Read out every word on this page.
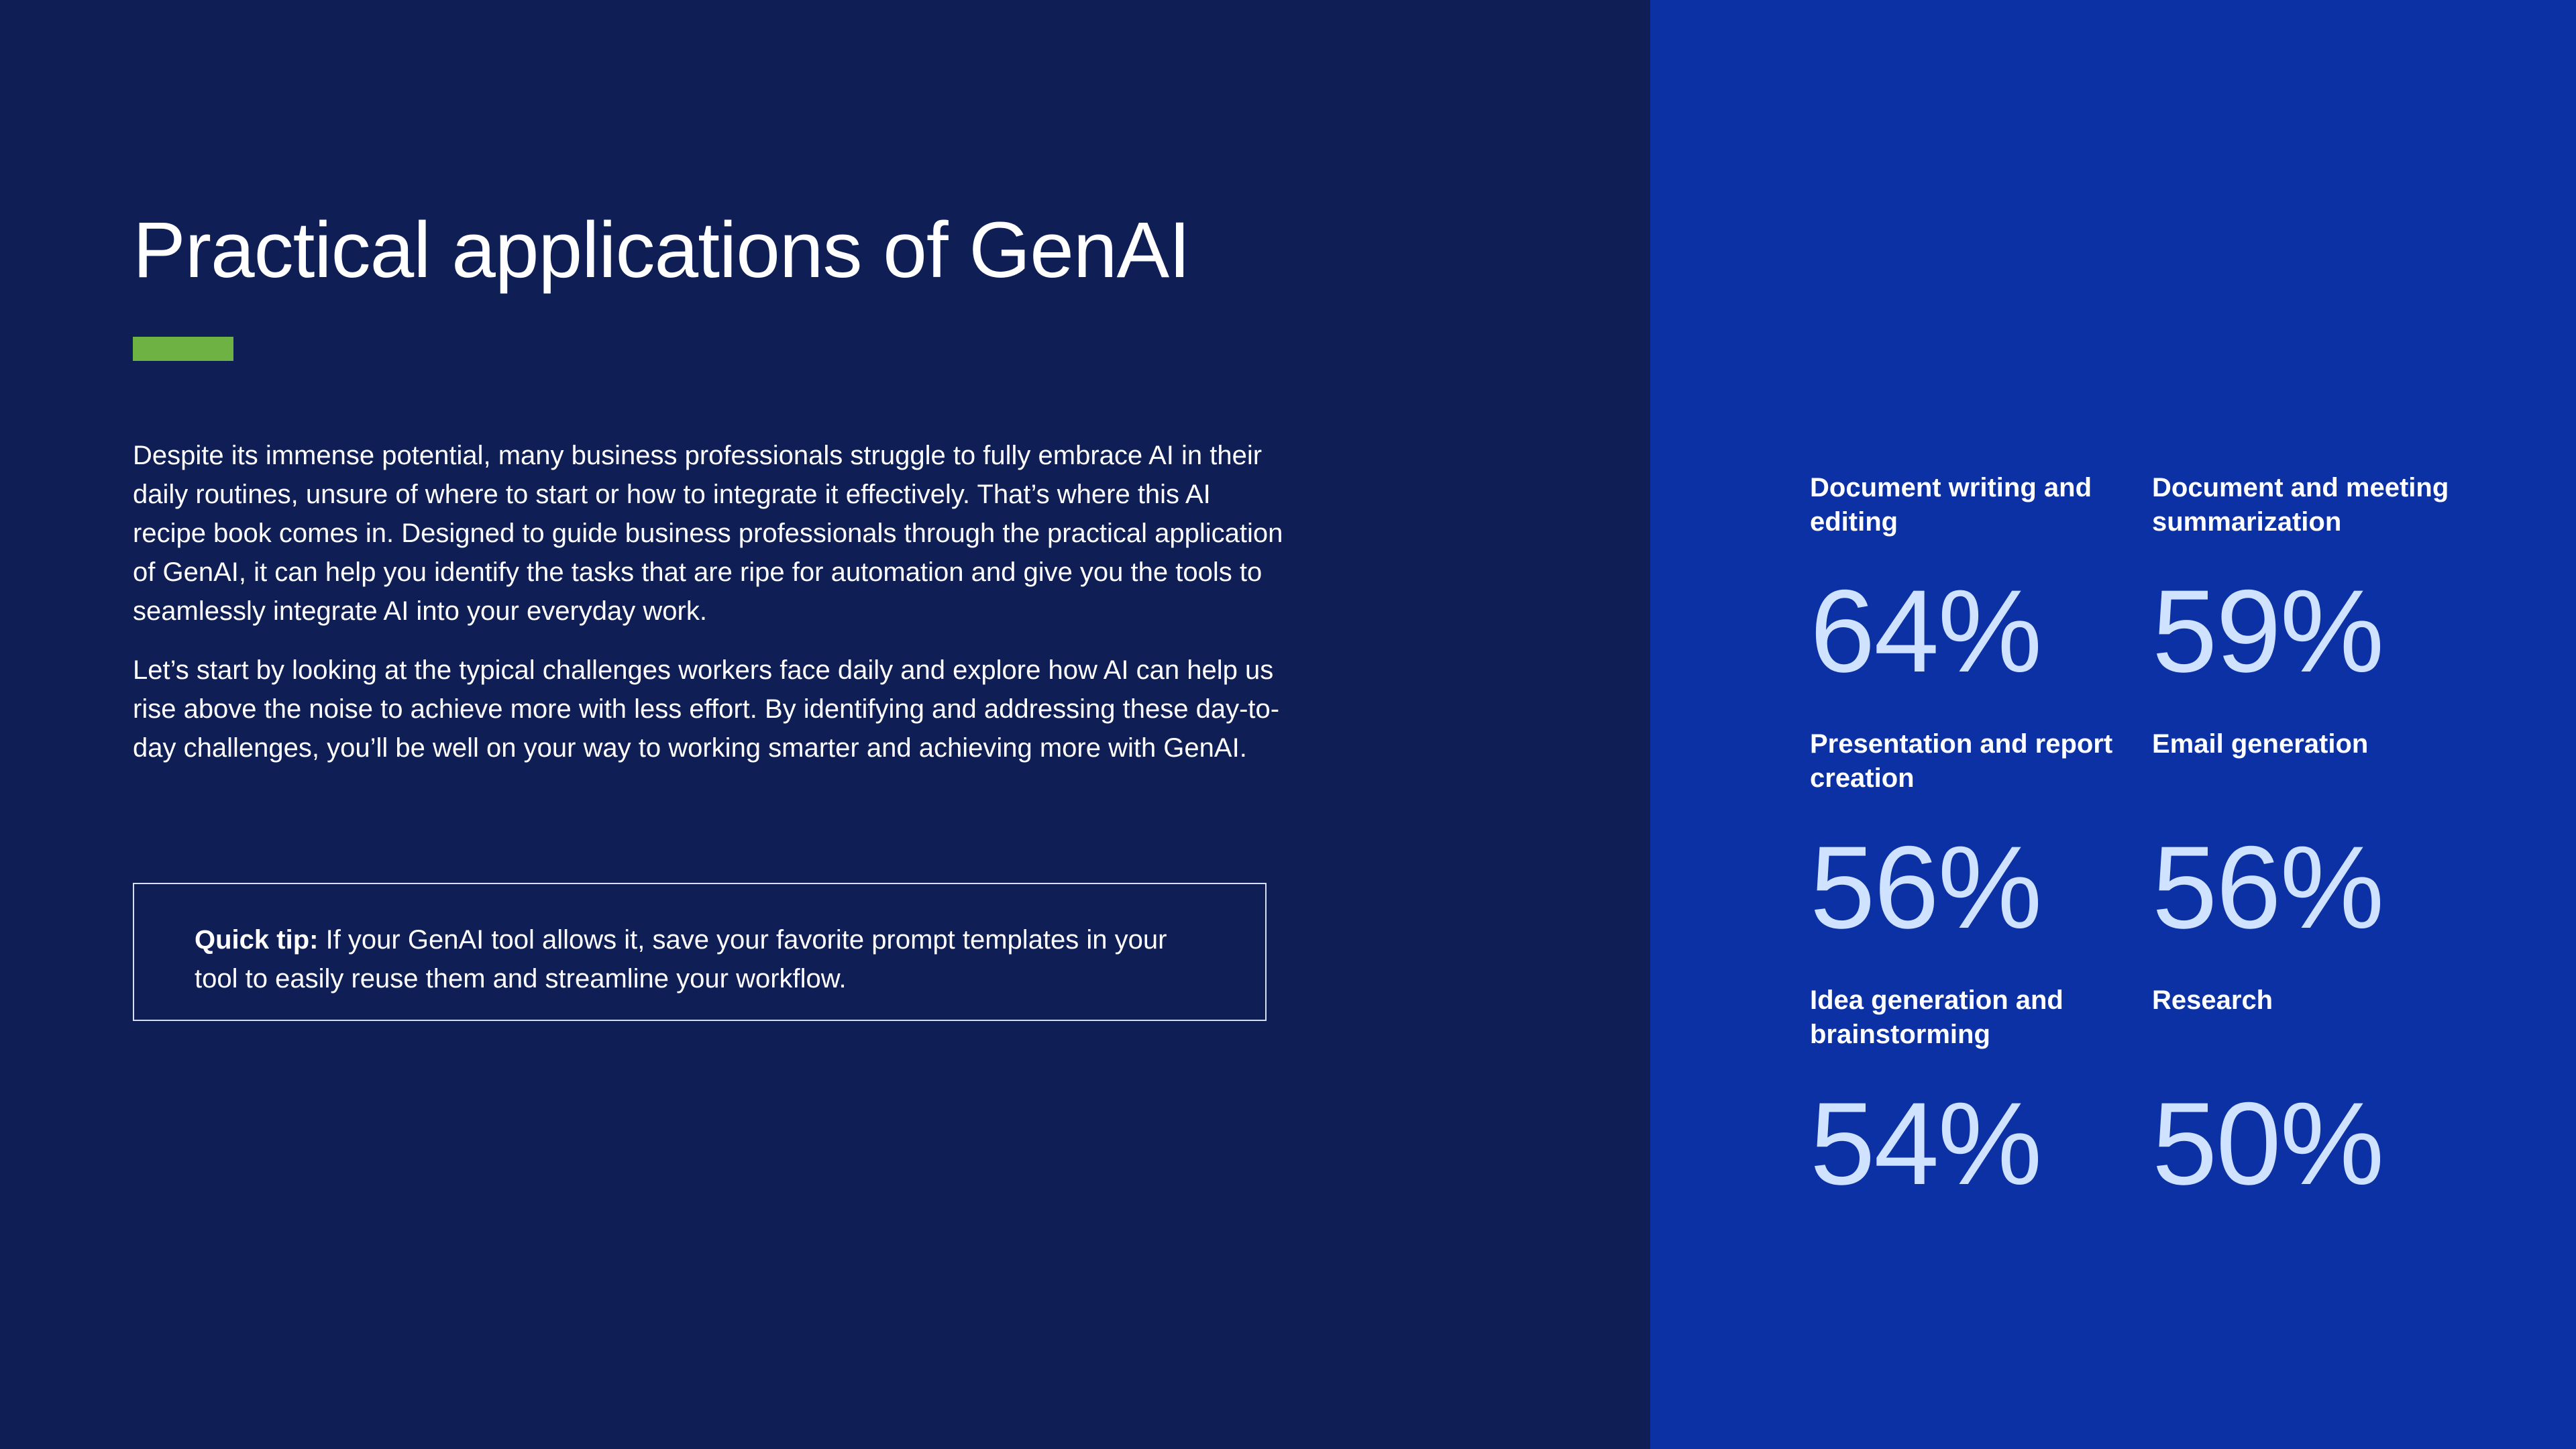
Practical applications of GenAI

Despite its immense potential, many business professionals struggle to fully embrace AI in their daily routines, unsure of where to start or how to integrate it effectively. That’s where this AI recipe book comes in. Designed to guide business professionals through the practical application of GenAI, it can help you identify the tasks that are ripe for automation and give you the tools to seamlessly integrate AI into your everyday work.

Let’s start by looking at the typical challenges workers face daily and explore how AI can help us rise above the noise to achieve more with less effort. By identifying and addressing these day-to-day challenges, you’ll be well on your way to working smarter and achieving more with GenAI.

Quick tip: If your GenAI tool allows it, save your favorite prompt templates in your tool to easily reuse them and streamline your workflow.

Document writing and editing

64%

Document and meeting summarization

59%

Presentation and report creation

56%

Email generation

56%

Idea generation and brainstorming

54%

Research

50%
